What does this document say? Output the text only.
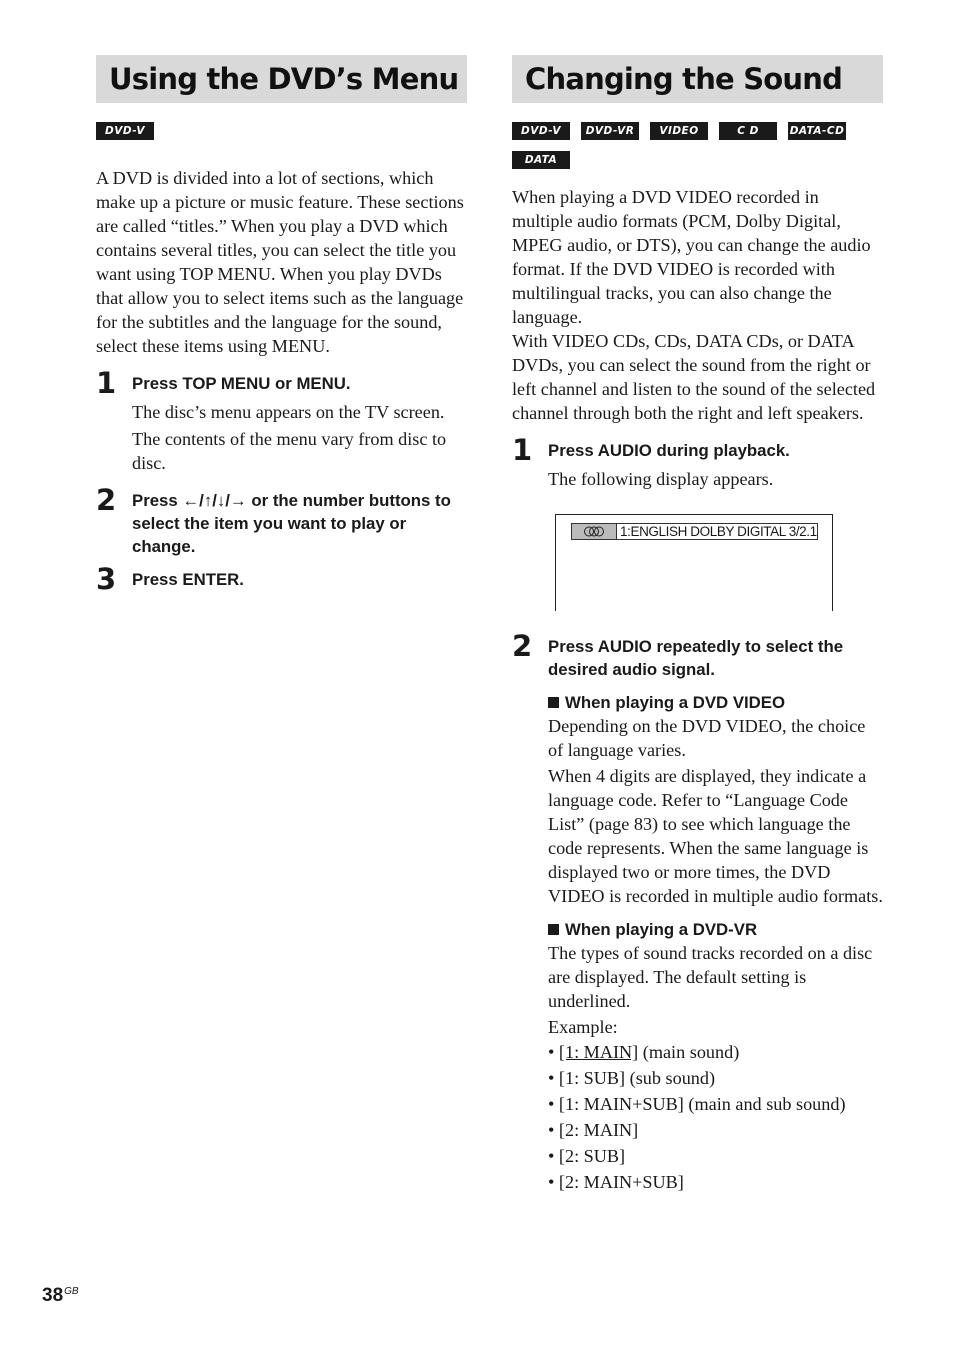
Using the DVD’s Menu
DVD-V

A DVD is divided into a lot of sections, which make up a picture or music feature. These sections are called “titles.” When you play a DVD which contains several titles, you can select the title you want using TOP MENU. When you play DVDs that allow you to select items such as the language for the subtitles and the language for the sound, select these items using MENU.

1 Press TOP MENU or MENU.

The disc’s menu appears on the TV screen.

The contents of the menu vary from disc to disc.

2 Press ←/↑/↓/→ or the number buttons to select the item you want to play or change.

3 Press ENTER.

Changing the Sound
DVD-V	DVD-VR	VIDEO CD
C D	DATA-CD
DATA DVD

When playing a DVD VIDEO recorded in multiple audio formats (PCM, Dolby Digital, MPEG audio, or DTS), you can change the audio format. If the DVD VIDEO is recorded with multilingual tracks, you can also change the language.

With VIDEO CDs, CDs, DATA CDs, or DATA DVDs, you can select the sound from the right or left channel and listen to the sound of the selected channel through both the right and left speakers.

1 Press AUDIO during playback.

The following display appears.

1:ENGLISH DOLBY DIGITAL 3/2.1
2 Press AUDIO repeatedly to select the desired audio signal.

When playing a DVD VIDEO

Depending on the DVD VIDEO, the choice of language varies.

When 4 digits are displayed, they indicate a language code. Refer to “Language Code List” (page 83) to see which language the code represents. When the same language is displayed two or more times, the DVD VIDEO is recorded in multiple audio formats.

When playing a DVD-VR

The types of sound tracks recorded on a disc are displayed. The default setting is underlined.

Example:

• [1: MAIN] (main sound)

• [1: SUB] (sub sound)

• [1: MAIN+SUB] (main and sub sound)

• [2: MAIN]

• [2: SUB]

• [2: MAIN+SUB]

$38^{GB}$
